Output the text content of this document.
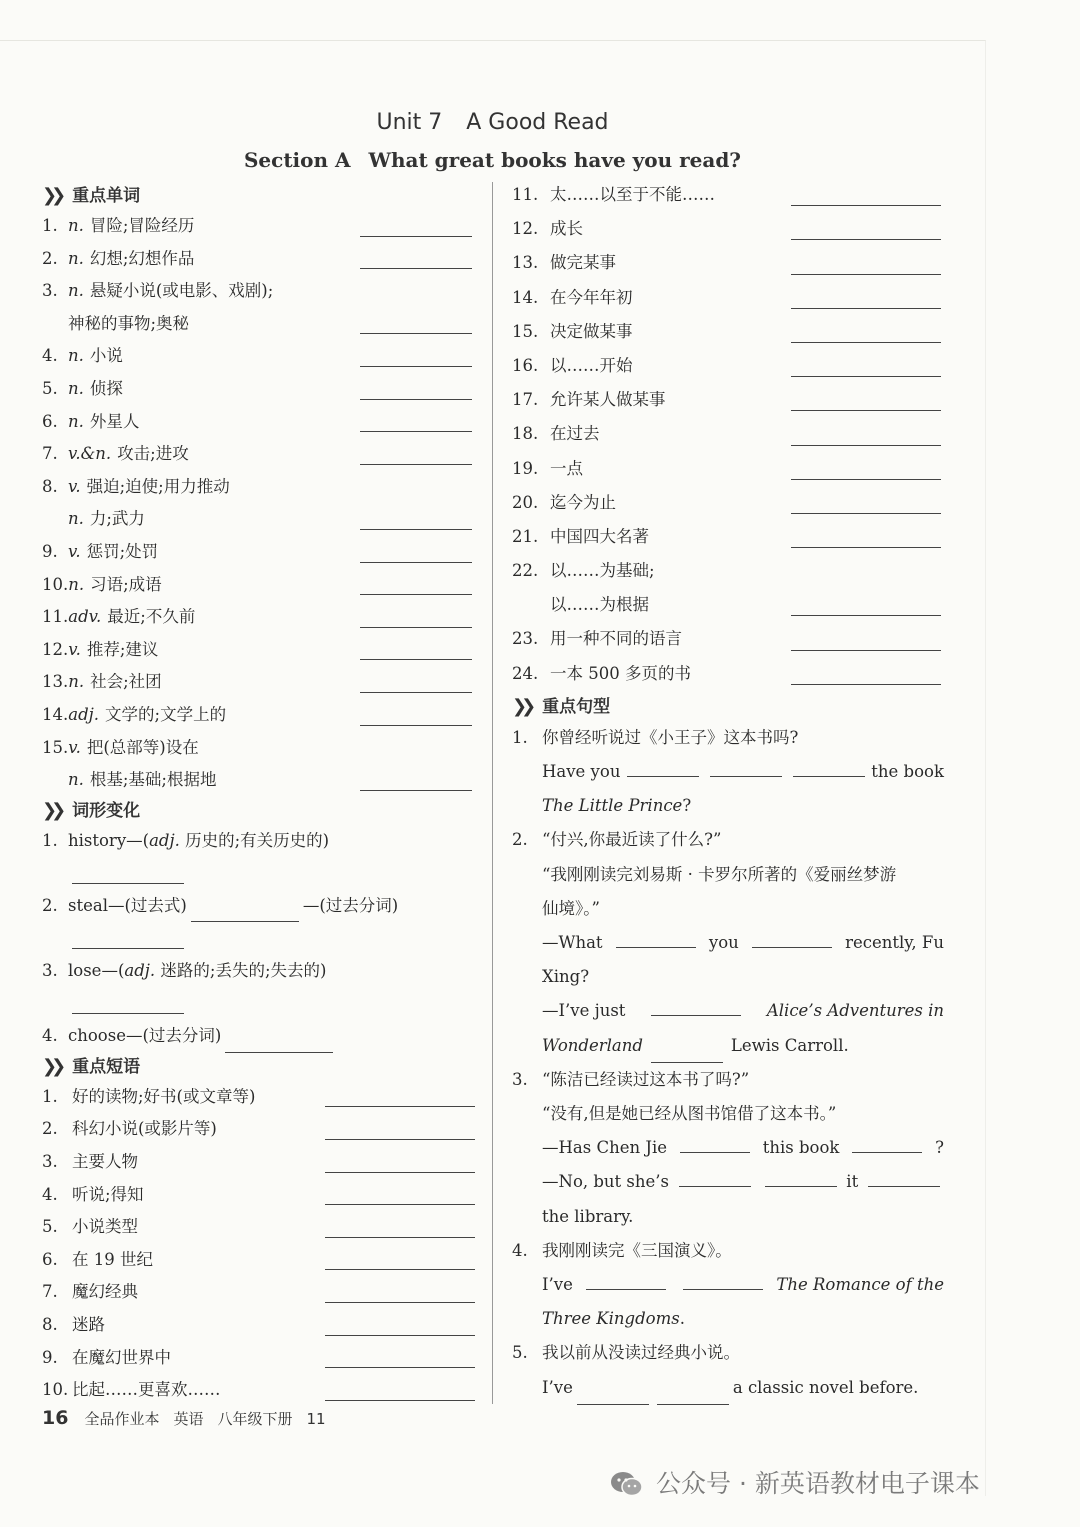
Unit 7 A Good Read
Section A What great books have you read?
❯❯ 重点单词
1. n. 冒险;冒险经历
2. n. 幻想;幻想作品
3. n. 悬疑小说(或电影、戏剧);
神秘的事物;奥秘
4. n. 小说
5. n. 侦探
6. n. 外星人
7. v.&n. 攻击;进攻
8. v. 强迫;迫使;用力推动
n. 力;武力
9. v. 惩罚;处罚
10.n. 习语;成语
11.adv. 最近;不久前
12.v. 推荐;建议
13.n. 社会;社团
14.adj. 文学的;文学上的
15.v. 把(总部等)设在
n. 根基;基础;根据地
❯❯ 词形变化
1. history—(adj. 历史的;有关历史的)
2. steal—(过去式)	—(过去分词)
3. lose—(adj. 迷路的;丢失的;失去的)
4. choose—(过去分词)
❯❯ 重点短语
1. 好的读物;好书(或文章等)
2. 科幻小说(或影片等)
3. 主要人物
4. 听说;得知
5. 小说类型
6. 在 19 世纪
7. 魔幻经典
8. 迷路
9. 在魔幻世界中
10. 比起……更喜欢……
11. 太……以至于不能……
12. 成长
13. 做完某事
14. 在今年年初
15. 决定做某事
16. 以……开始
17. 允许某人做某事
18. 在过去
19. 一点
20. 迄今为止
21. 中国四大名著
22. 以……为基础;
以……为根据
23. 用一种不同的语言
24. 一本 500 多页的书
❯❯ 重点句型
1. 你曾经听说过《小王子》这本书吗?
Have you	the book
The Little Prince?
2. “付兴,你最近读了什么?”
“我刚刚读完刘易斯 · 卡罗尔所著的《爱丽丝梦游
仙境》。”
—What	you	recently, Fu
Xing?
—I’ve just	Alice’s Adventures in
Wonderland	Lewis Carroll.
3. “陈洁已经读过这本书了吗?”
“没有,但是她已经从图书馆借了这本书。”
—Has Chen Jie	this book	?
—No, but she’s	it
the library.
4. 我刚刚读完《三国演义》。
I’ve	The Romance of the
Three Kingdoms.
5. 我以前从没读过经典小说。
I’ve	a classic novel before.
16 全品作业本 英语 八年级下册 11
公众号 · 新英语教材电子课本
